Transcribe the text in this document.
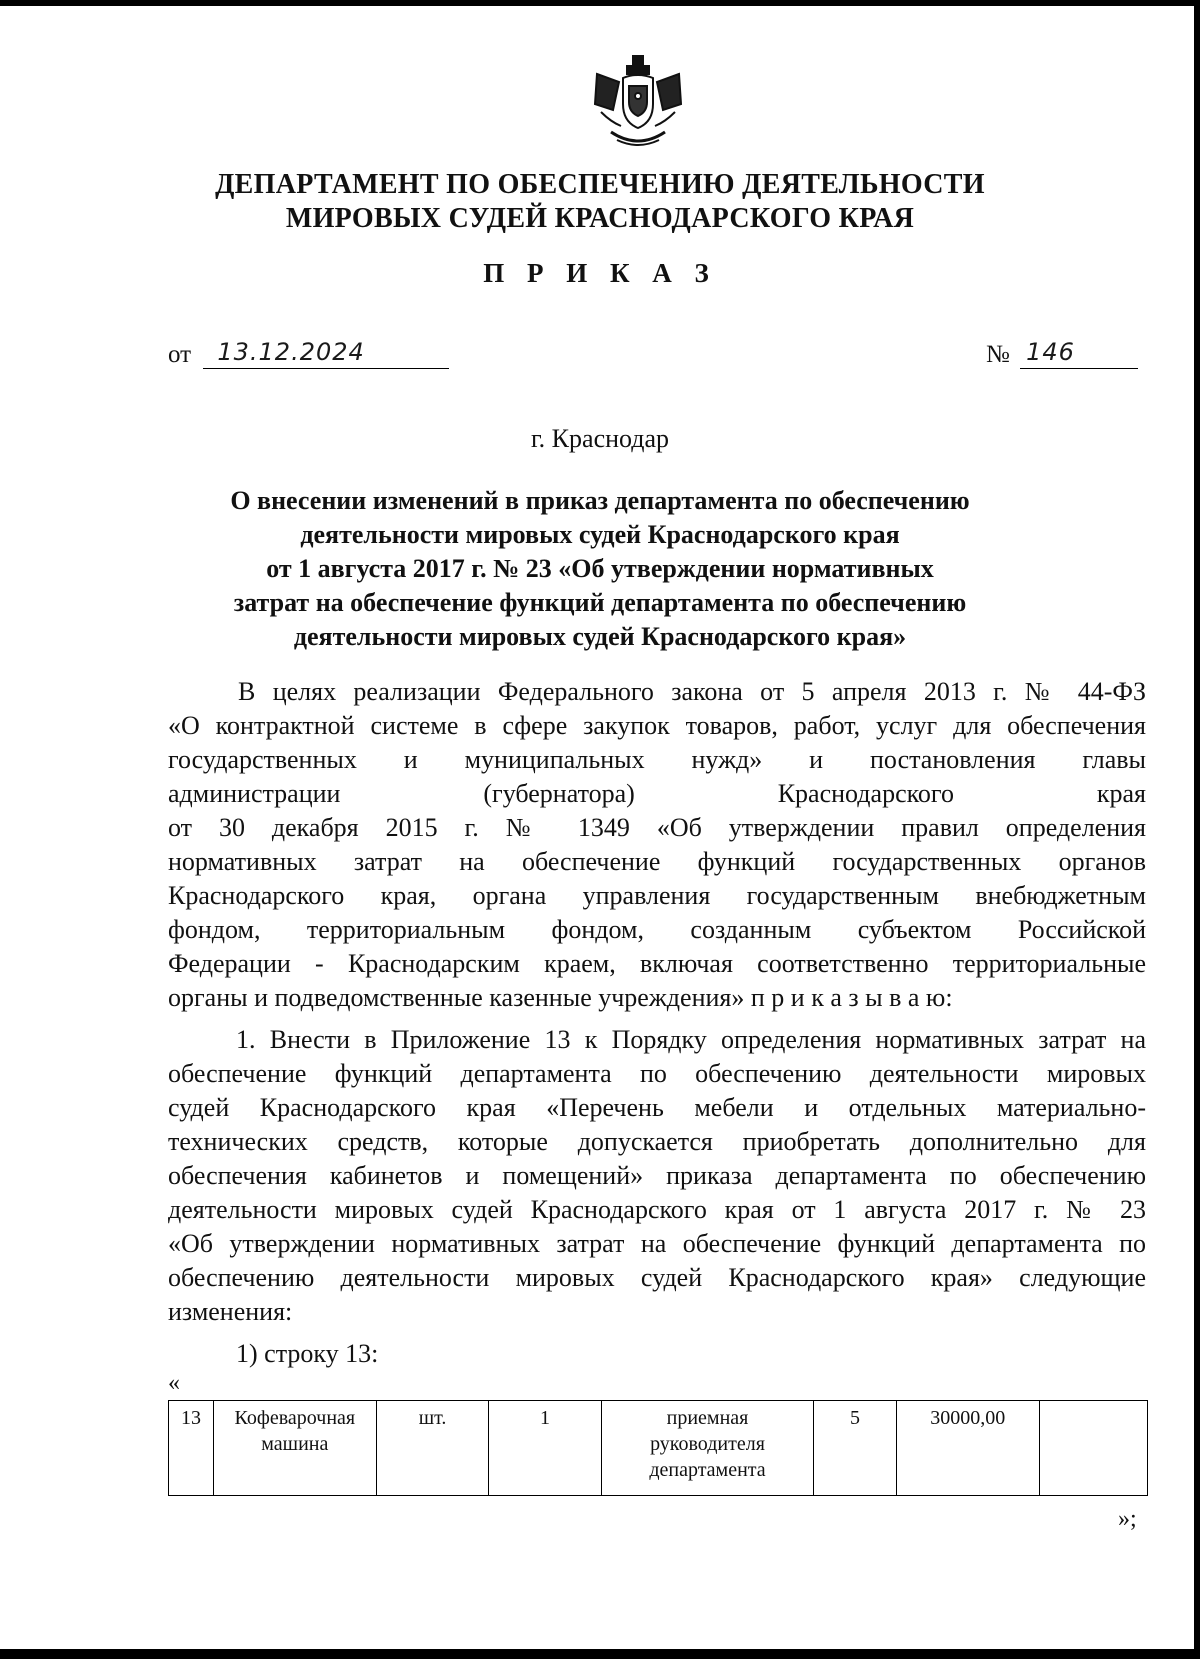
ДЕПАРТАМЕНТ ПО ОБЕСПЕЧЕНИЮ ДЕЯТЕЛЬНОСТИ
МИРОВЫХ СУДЕЙ КРАСНОДАРСКОГО КРАЯ
П Р И К А З
от 13.12.2024	№ 146
г. Краснодар
О внесении изменений в приказ департамента по обеспечению
деятельности мировых судей Краснодарского края
от 1 августа 2017 г. № 23 «Об утверждении нормативных
затрат на обеспечение функций департамента по обеспечению
деятельности мировых судей Краснодарского края»
В целях реализации Федерального закона от 5 апреля 2013 г. № 44-ФЗ
«О контрактной системе в сфере закупок товаров, работ, услуг для обеспечения
государственных и муниципальных нужд» и постановления главы
администрации (губернатора) Краснодарского края
от 30 декабря 2015 г. № 1349 «Об утверждении правил определения
нормативных затрат на обеспечение функций государственных органов
Краснодарского края, органа управления государственным внебюджетным
фондом, территориальным фондом, созданным субъектом Российской
Федерации - Краснодарским краем, включая соответственно территориальные
органы и подведомственные казенные учреждения» п р и к а з ы в а ю:
1. Внести в Приложение 13 к Порядку определения нормативных затрат на
обеспечение функций департамента по обеспечению деятельности мировых
судей Краснодарского края «Перечень мебели и отдельных материально-
технических средств, которые допускается приобретать дополнительно для
обеспечения кабинетов и помещений» приказа департамента по обеспечению
деятельности мировых судей Краснодарского края от 1 августа 2017 г. № 23
«Об утверждении нормативных затрат на обеспечение функций департамента по
обеспечению деятельности мировых судей Краснодарского края» следующие
изменения:
1) строку 13:
«
13	Кофеварочная машина	шт.	1	приемная руководителя департамента	5	30000,00	
»;
